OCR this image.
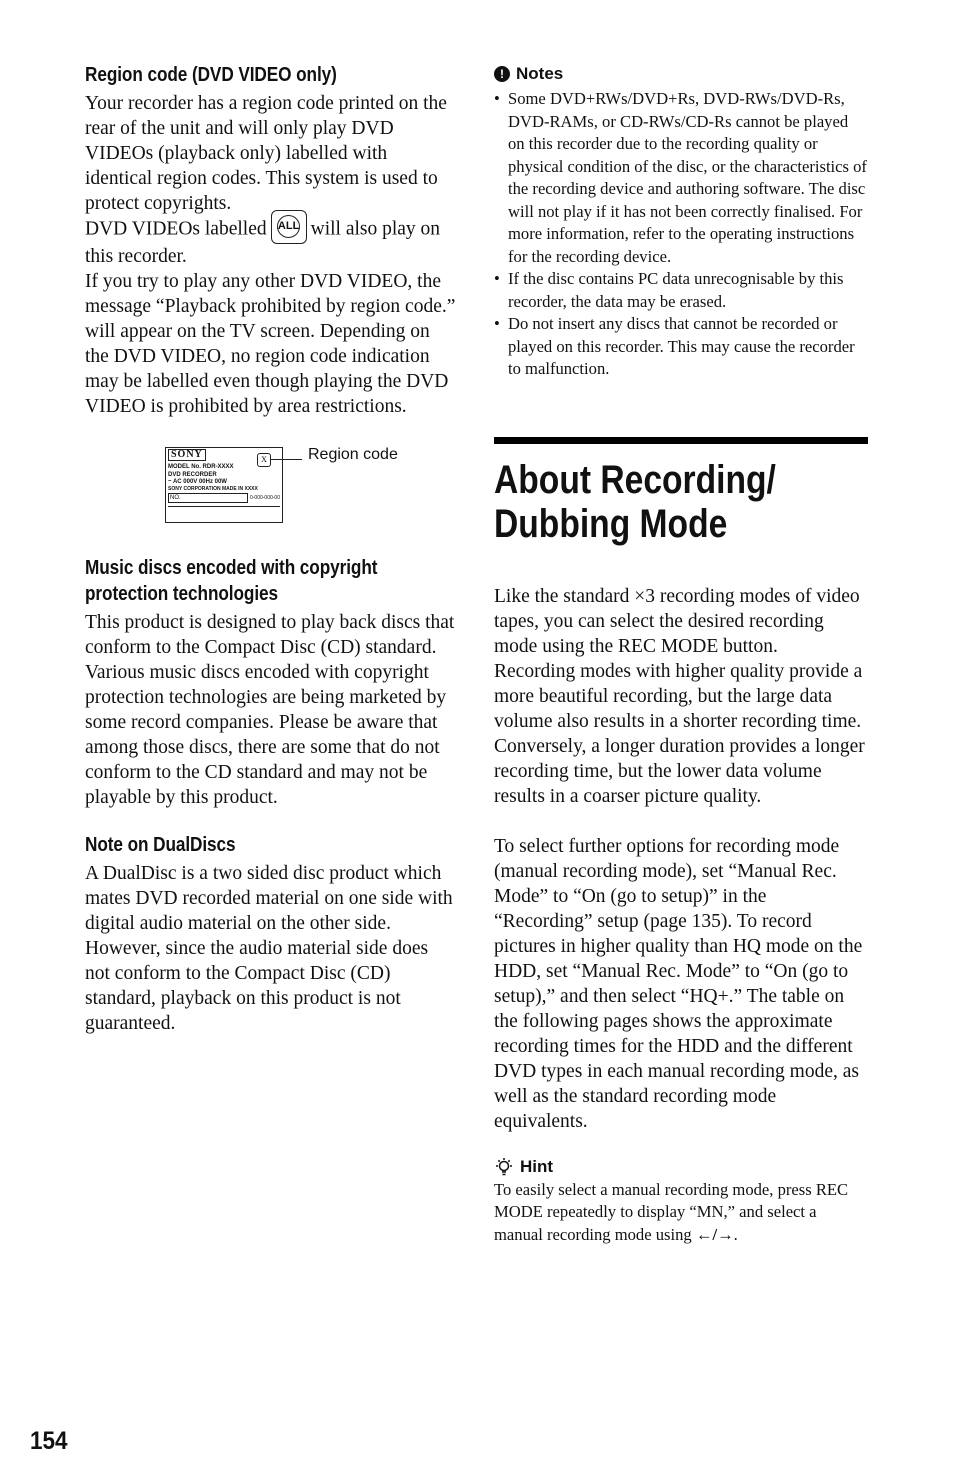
Region code (DVD VIDEO only)

Your recorder has a region code printed on the rear of the unit and will only play DVD VIDEOs (playback only) labelled with identical region codes. This system is used to protect copyrights.

DVD VIDEOs labelled	ALL will also play on this recorder.

If you try to play any other DVD VIDEO, the message “Playback prohibited by region code.” will appear on the TV screen. Depending on the DVD VIDEO, no region code indication may be labelled even though playing the DVD VIDEO is prohibited by area restrictions.

SONY
MODEL No. RDR-XXXX
DVD RECORDER
~ AC 000V 00Hz 00W
SONY CORPORATION MADE IN XXXX
NO.	0-000-000-00
X	Region code
Music discs encoded with copyright protection technologies

This product is designed to play back discs that conform to the Compact Disc (CD) standard.

Various music discs encoded with copyright protection technologies are being marketed by some record companies. Please be aware that among those discs, there are some that do not conform to the CD standard and may not be playable by this product.

Note on DualDiscs

A DualDisc is a two sided disc product which mates DVD recorded material on one side with digital audio material on the other side.

However, since the audio material side does not conform to the Compact Disc (CD) standard, playback on this product is not guaranteed.

! Notes
• Some DVD+RWs/DVD+Rs, DVD-RWs/DVD-Rs, DVD-RAMs, or CD-RWs/CD-Rs cannot be played on this recorder due to the recording quality or physical condition of the disc, or the characteristics of the recording device and authoring software. The disc will not play if it has not been correctly finalised. For more information, refer to the operating instructions for the recording device.
• If the disc contains PC data unrecognisable by this recorder, the data may be erased.
• Do not insert any discs that cannot be recorded or played on this recorder. This may cause the recorder to malfunction.
About Recording/
Dubbing Mode

Like the standard ×3 recording modes of video tapes, you can select the desired recording mode using the REC MODE button.

Recording modes with higher quality provide a more beautiful recording, but the large data volume also results in a shorter recording time.

Conversely, a longer duration provides a longer recording time, but the lower data volume results in a coarser picture quality.

To select further options for recording mode (manual recording mode), set “Manual Rec. Mode” to “On (go to setup)” in the “Recording” setup (page 135). To record pictures in higher quality than HQ mode on the HDD, set “Manual Rec. Mode” to “On (go to setup),” and then select “HQ+.” The table on the following pages shows the approximate recording times for the HDD and the different DVD types in each manual recording mode, as well as the standard recording mode equivalents.

Hint

To easily select a manual recording mode, press REC MODE repeatedly to display “MN,” and select a manual recording mode using ←/→.

154
